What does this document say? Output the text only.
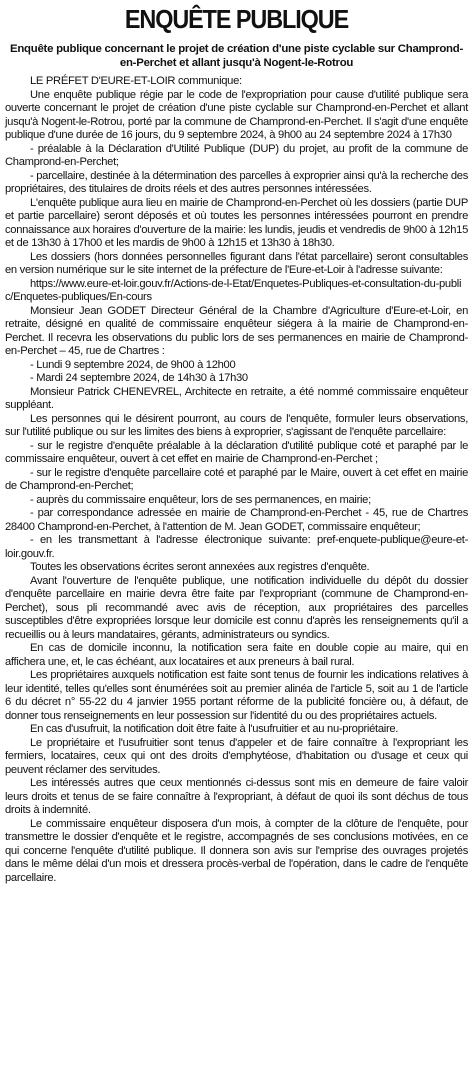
ENQUÊTE PUBLIQUE
Enquête publique concernant le projet de création d'une piste cyclable sur Champrond-en-Perchet et allant jusqu'à Nogent-le-Rotrou

LE PRÉFET D'EURE-ET-LOIR communique:

Une enquête publique régie par le code de l'expropriation pour cause d'utilité publique sera ouverte concernant le projet de création d'une piste cyclable sur Champrond-en-Perchet et allant jusqu'à Nogent-le-Rotrou, porté par la commune de Champrond-en-Perchet. Il s'agit d'une enquête publique d'une durée de 16 jours, du 9 septembre 2024, à 9h00 au 24 septembre 2024 à 17h30

- préalable à la Déclaration d'Utilité Publique (DUP) du projet, au profit de la commune de Champrond-en-Perchet;

- parcellaire, destinée à la détermination des parcelles à exproprier ainsi qu'à la recherche des propriétaires, des titulaires de droits réels et des autres personnes intéressées.

L'enquête publique aura lieu en mairie de Champrond-en-Perchet où les dossiers (partie DUP et partie parcellaire) seront déposés et où toutes les personnes intéressées pourront en prendre connaissance aux horaires d'ouverture de la mairie: les lundis, jeudis et vendredis de 9h00 à 12h15 et de 13h30 à 17h00 et les mardis de 9h00 à 12h15 et 13h30 à 18h30.

Les dossiers (hors données personnelles figurant dans l'état parcellaire) seront consultables en version numérique sur le site internet de la préfecture de l'Eure-et-Loir à l'adresse suivante:

https://www.eure-et-loir.gouv.fr/Actions-de-l-Etat/Enquetes-Publiques-et-consultation-du-public/Enquetes-publiques/En-cours

Monsieur Jean GODET Directeur Général de la Chambre d'Agriculture d'Eure-et-Loir, en retraite, désigné en qualité de commissaire enquêteur siégera à la mairie de Champrond-en-Perchet. Il recevra les observations du public lors de ses permanences en mairie de Champrond-en-Perchet – 45, rue de Chartres :

- Lundi 9 septembre 2024, de 9h00 à 12h00

- Mardi 24 septembre 2024, de 14h30 à 17h30

Monsieur Patrick CHENEVREL, Architecte en retraite, a été nommé commissaire enquêteur suppléant.

Les personnes qui le désirent pourront, au cours de l'enquête, formuler leurs observations, sur l'utilité publique ou sur les limites des biens à exproprier, s'agissant de l'enquête parcellaire:

- sur le registre d'enquête préalable à la déclaration d'utilité publique coté et paraphé par le commissaire enquêteur, ouvert à cet effet en mairie de Champrond-en-Perchet ;

- sur le registre d'enquête parcellaire coté et paraphé par le Maire, ouvert à cet effet en mairie de Champrond-en-Perchet;

- auprès du commissaire enquêteur, lors de ses permanences, en mairie;

- par correspondance adressée en mairie de Champrond-en-Perchet - 45, rue de Chartres 28400 Champrond-en-Perchet, à l'attention de M. Jean GODET, commissaire enquêteur;

- en les transmettant à l'adresse électronique suivante: pref-enquete-publique@eure-et-loir.gouv.fr.

Toutes les observations écrites seront annexées aux registres d'enquête.

Avant l'ouverture de l'enquête publique, une notification individuelle du dépôt du dossier d'enquête parcellaire en mairie devra être faite par l'expropriant (commune de Champrond-en-Perchet), sous pli recommandé avec avis de réception, aux propriétaires des parcelles susceptibles d'être expropriées lorsque leur domicile est connu d'après les renseignements qu'il a recueillis ou à leurs mandataires, gérants, administrateurs ou syndics.

En cas de domicile inconnu, la notification sera faite en double copie au maire, qui en affichera une, et, le cas échéant, aux locataires et aux preneurs à bail rural.

Les propriétaires auxquels notification est faite sont tenus de fournir les indications relatives à leur identité, telles qu'elles sont énumérées soit au premier alinéa de l'article 5, soit au 1 de l'article 6 du décret n° 55-22 du 4 janvier 1955 portant réforme de la publicité foncière ou, à défaut, de donner tous renseignements en leur possession sur l'identité du ou des propriétaires actuels.

En cas d'usufruit, la notification doit être faite à l'usufruitier et au nu-propriétaire.

Le propriétaire et l'usufruitier sont tenus d'appeler et de faire connaître à l'expropriant les fermiers, locataires, ceux qui ont des droits d'emphytéose, d'habitation ou d'usage et ceux qui peuvent réclamer des servitudes.

Les intéressés autres que ceux mentionnés ci-dessus sont mis en demeure de faire valoir leurs droits et tenus de se faire connaître à l'expropriant, à défaut de quoi ils sont déchus de tous droits à indemnité.

Le commissaire enquêteur disposera d'un mois, à compter de la clôture de l'enquête, pour transmettre le dossier d'enquête et le registre, accompagnés de ses conclusions motivées, en ce qui concerne l'enquête d'utilité publique. Il donnera son avis sur l'emprise des ouvrages projetés dans le même délai d'un mois et dressera procès-verbal de l'opération, dans le cadre de l'enquête parcellaire.
